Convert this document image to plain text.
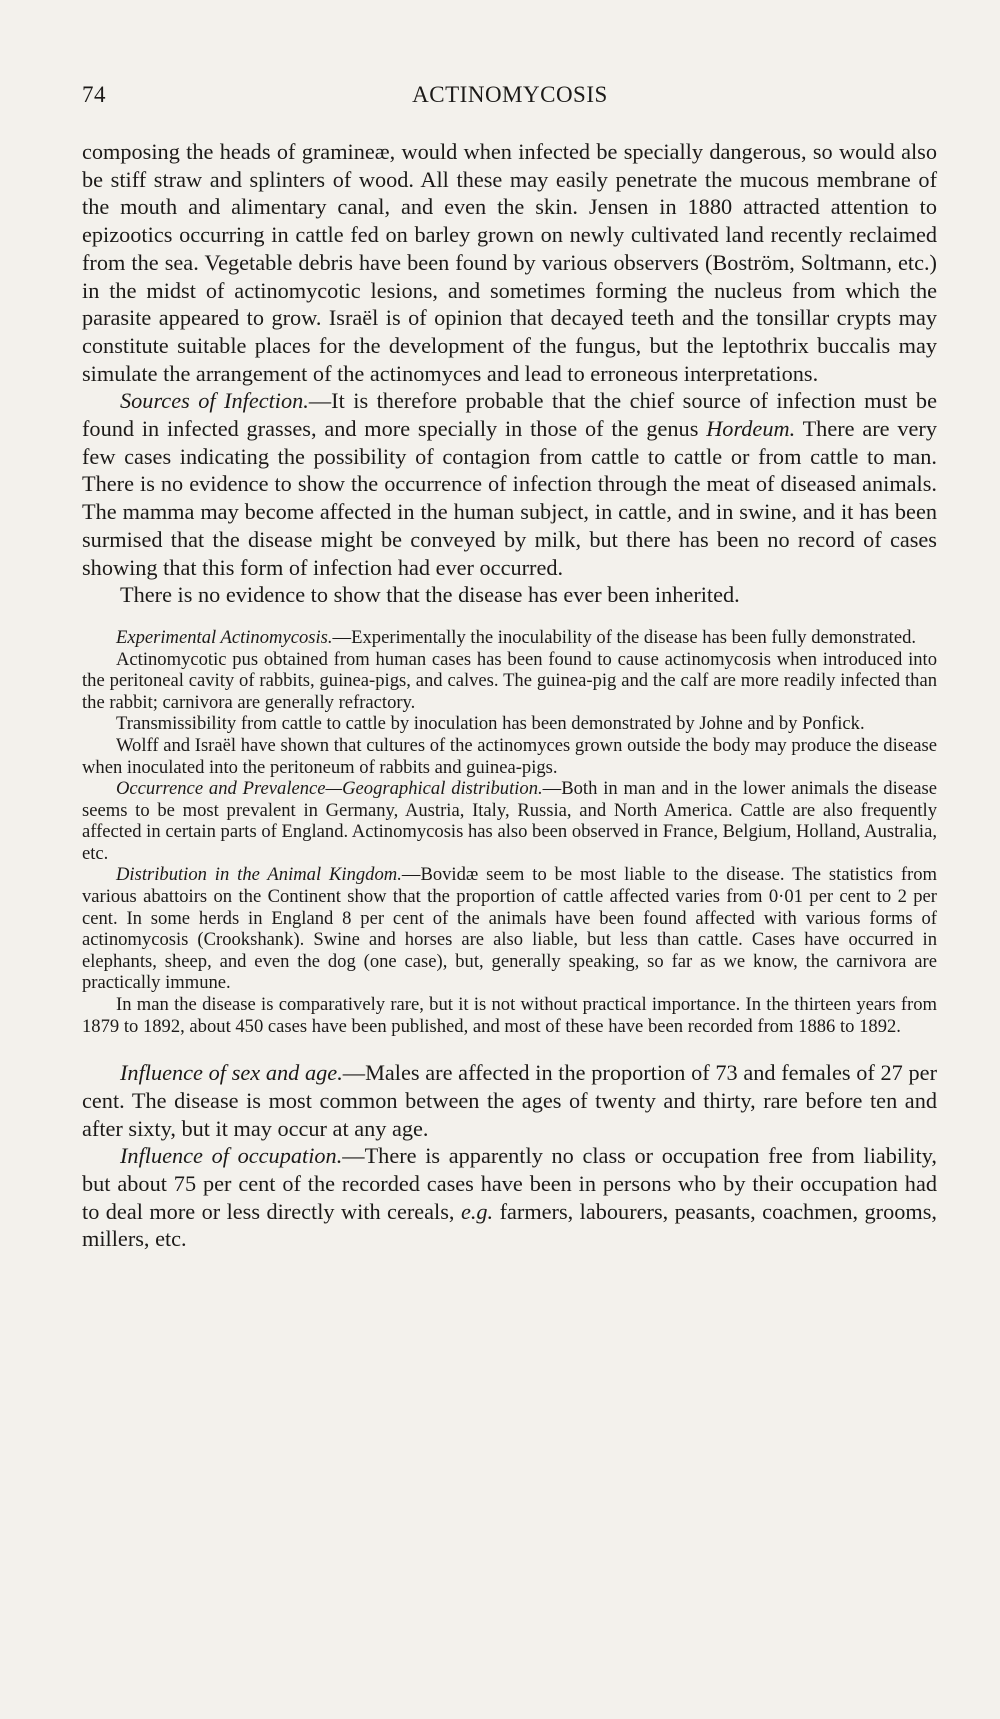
74	ACTINOMYCOSIS

composing the heads of gramineæ, would when infected be specially dangerous, so would also be stiff straw and splinters of wood. All these may easily penetrate the mucous membrane of the mouth and alimentary canal, and even the skin. Jensen in 1880 attracted attention to epizootics occurring in cattle fed on barley grown on newly cultivated land recently reclaimed from the sea. Vegetable debris have been found by various observers (Boström, Soltmann, etc.) in the midst of actinomycotic lesions, and sometimes forming the nucleus from which the parasite appeared to grow. Israël is of opinion that decayed teeth and the tonsillar crypts may constitute suitable places for the development of the fungus, but the leptothrix buccalis may simulate the arrangement of the actinomyces and lead to erroneous interpretations.

Sources of Infection.—It is therefore probable that the chief source of infection must be found in infected grasses, and more specially in those of the genus Hordeum. There are very few cases indicating the possibility of contagion from cattle to cattle or from cattle to man. There is no evidence to show the occurrence of infection through the meat of diseased animals. The mamma may become affected in the human subject, in cattle, and in swine, and it has been surmised that the disease might be conveyed by milk, but there has been no record of cases showing that this form of infection had ever occurred.

There is no evidence to show that the disease has ever been inherited.

Experimental Actinomycosis.—Experimentally the inoculability of the disease has been fully demonstrated.

Actinomycotic pus obtained from human cases has been found to cause actinomycosis when introduced into the peritoneal cavity of rabbits, guinea-pigs, and calves. The guinea-pig and the calf are more readily infected than the rabbit; carnivora are generally refractory.

Transmissibility from cattle to cattle by inoculation has been demonstrated by Johne and by Ponfick.

Wolff and Israël have shown that cultures of the actinomyces grown outside the body may produce the disease when inoculated into the peritoneum of rabbits and guinea-pigs.

Occurrence and Prevalence—Geographical distribution.—Both in man and in the lower animals the disease seems to be most prevalent in Germany, Austria, Italy, Russia, and North America. Cattle are also frequently affected in certain parts of England. Actinomycosis has also been observed in France, Belgium, Holland, Australia, etc.

Distribution in the Animal Kingdom.—Bovidæ seem to be most liable to the disease. The statistics from various abattoirs on the Continent show that the proportion of cattle affected varies from 0·01 per cent to 2 per cent. In some herds in England 8 per cent of the animals have been found affected with various forms of actinomycosis (Crookshank). Swine and horses are also liable, but less than cattle. Cases have occurred in elephants, sheep, and even the dog (one case), but, generally speaking, so far as we know, the carnivora are practically immune.

In man the disease is comparatively rare, but it is not without practical importance. In the thirteen years from 1879 to 1892, about 450 cases have been published, and most of these have been recorded from 1886 to 1892.

Influence of sex and age.—Males are affected in the proportion of 73 and females of 27 per cent. The disease is most common between the ages of twenty and thirty, rare before ten and after sixty, but it may occur at any age.

Influence of occupation.—There is apparently no class or occupation free from liability, but about 75 per cent of the recorded cases have been in persons who by their occupation had to deal more or less directly with cereals, e.g. farmers, labourers, peasants, coachmen, grooms, millers, etc.
